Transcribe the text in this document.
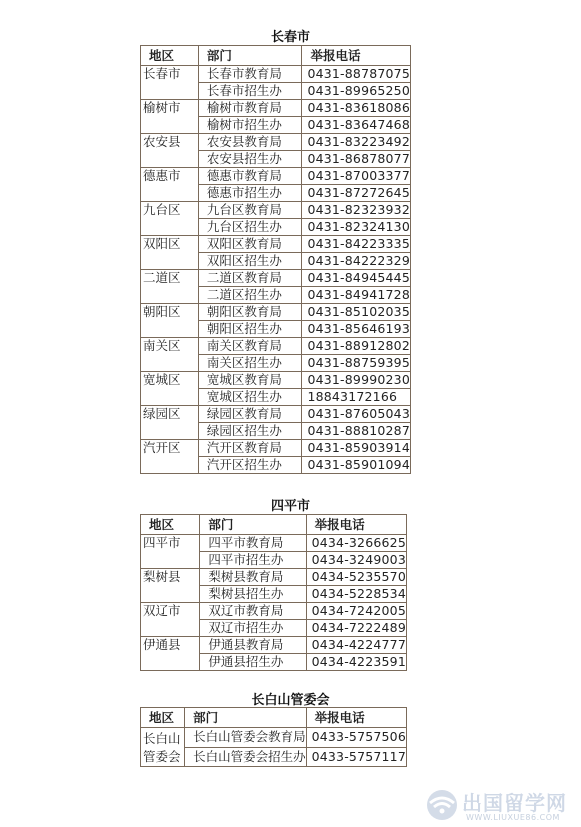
长春市
地区	部门	举报电话
长春市	长春市教育局	0431-88787075
	长春市招生办	0431-89965250
榆树市	榆树市教育局	0431-83618086
	榆树市招生办	0431-83647468
农安县	农安县教育局	0431-83223492
	农安县招生办	0431-86878077
德惠市	德惠市教育局	0431-87003377
	德惠市招生办	0431-87272645
九台区	九台区教育局	0431-82323932
	九台区招生办	0431-82324130
双阳区	双阳区教育局	0431-84223335
	双阳区招生办	0431-84222329
二道区	二道区教育局	0431-84945445
	二道区招生办	0431-84941728
朝阳区	朝阳区教育局	0431-85102035
	朝阳区招生办	0431-85646193
南关区	南关区教育局	0431-88912802
	南关区招生办	0431-88759395
宽城区	宽城区教育局	0431-89990230
	宽城区招生办	18843172166
绿园区	绿园区教育局	0431-87605043
	绿园区招生办	0431-88810287
汽开区	汽开区教育局	0431-85903914
	汽开区招生办	0431-85901094
四平市
地区	部门	举报电话
四平市	四平市教育局	0434-3266625
	四平市招生办	0434-3249003
梨树县	梨树县教育局	0434-5235570
	梨树县招生办	0434-5228534
双辽市	双辽市教育局	0434-7242005
	双辽市招生办	0434-7222489
伊通县	伊通县教育局	0434-4224777
	伊通县招生办	0434-4223591
长白山管委会
地区	部门	举报电话
长白山
管委会	长白山管委会教育局	0433-5757506
	长白山管委会招生办	0433-5757117
出国留学网
WWW.LIUXUE86.COM
